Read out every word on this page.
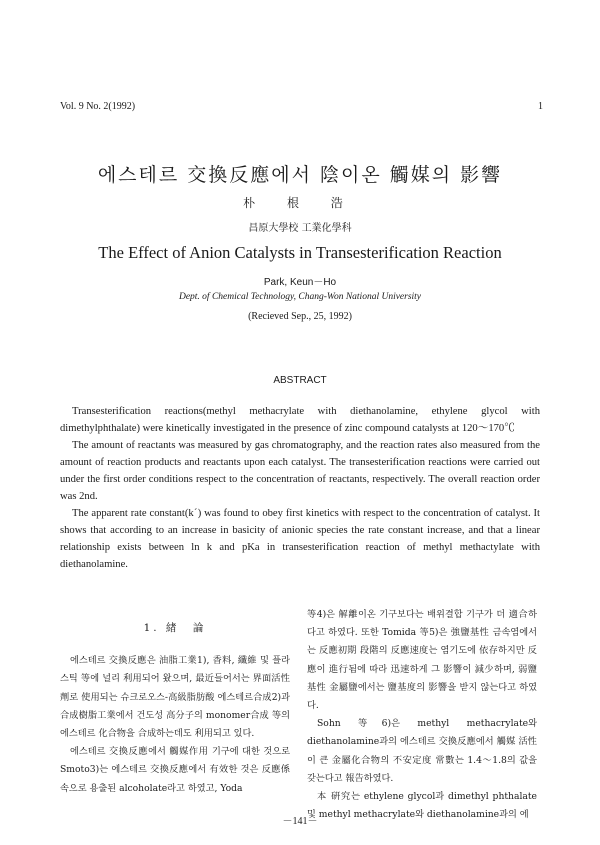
Vol. 9 No. 2(1992)	1
에스테르 交換反應에서 陰이온 觸媒의 影響
朴 根 浩
昌原大學校 工業化學科
The Effect of Anion Catalysts in Transesterification Reaction
Park, Keun－Ho
Dept. of Chemical Technology, Chang-Won National University
(Recieved Sep., 25, 1992)
ABSTRACT

Transesterification reactions(methyl methacrylate with diethanolamine, ethylene glycol with dimethylphthalate) were kinetically investigated in the presence of zinc compound catalysts at 120～170℃

The amount of reactants was measured by gas chromatography, and the reaction rates also measured from the amount of reaction products and reactants upon each catalyst. The transesterification reactions were carried out under the first order conditions respect to the concentration of reactants, respectively. The overall reaction order was 2nd.

The apparent rate constant(kˊ) was found to obey first kinetics with respect to the concentration of catalyst. It shows that according to an increase in basicity of anionic species the rate constant increase, and that a linear relationship exists between ln k and pKa in transesterification reaction of methyl methactylate with diethanolamine.

1. 緖　論

에스테르 交換反應은 油脂工業1), 香料, 纖維 및 플라스틱 等에 널리 利用되어 왔으며, 最近들어서는 界面活性劑로 使用되는 슈크로오스-高級脂肪酸 에스테르合成2)과 合成樹脂工業에서 건도성 高分子의 monomer合成 等의 에스테르 化合物을 合成하는데도 利用되고 있다.

에스테르 交換反應에서 觸媒作用 기구에 대한 것으로 Smoto3)는 에스테르 交換反應에서 有效한 것은 反應係속으로 용출된 alcoholate라고 하였고, Yoda

等4)은 解離이온 기구보다는 배위결합 기구가 더 適合하다고 하였다. 또한 Tomida 等5)은 強鹽基性 금속염에서는 反應初期 段階의 反應速度는 염기도에 依存하지만 反應이 進行됨에 따라 迅速하게 그 影響이 減少하며, 弱鹽基性 金屬鹽에서는 鹽基度의 影響을 받지 않는다고 하였다.

Sohn 等6)은 methyl methacrylate와 diethanolamine과의 에스테르 交換反應에서 觸媒 活性이 큰 金屬化合物의 不安定度 常數는 1.4～1.8의 값을 갖는다고 報告하였다.

本 硏究는 ethylene glycol과 dimethyl phthalate 및 methyl methacrylate와 diethanolamine과의 에

－141－
